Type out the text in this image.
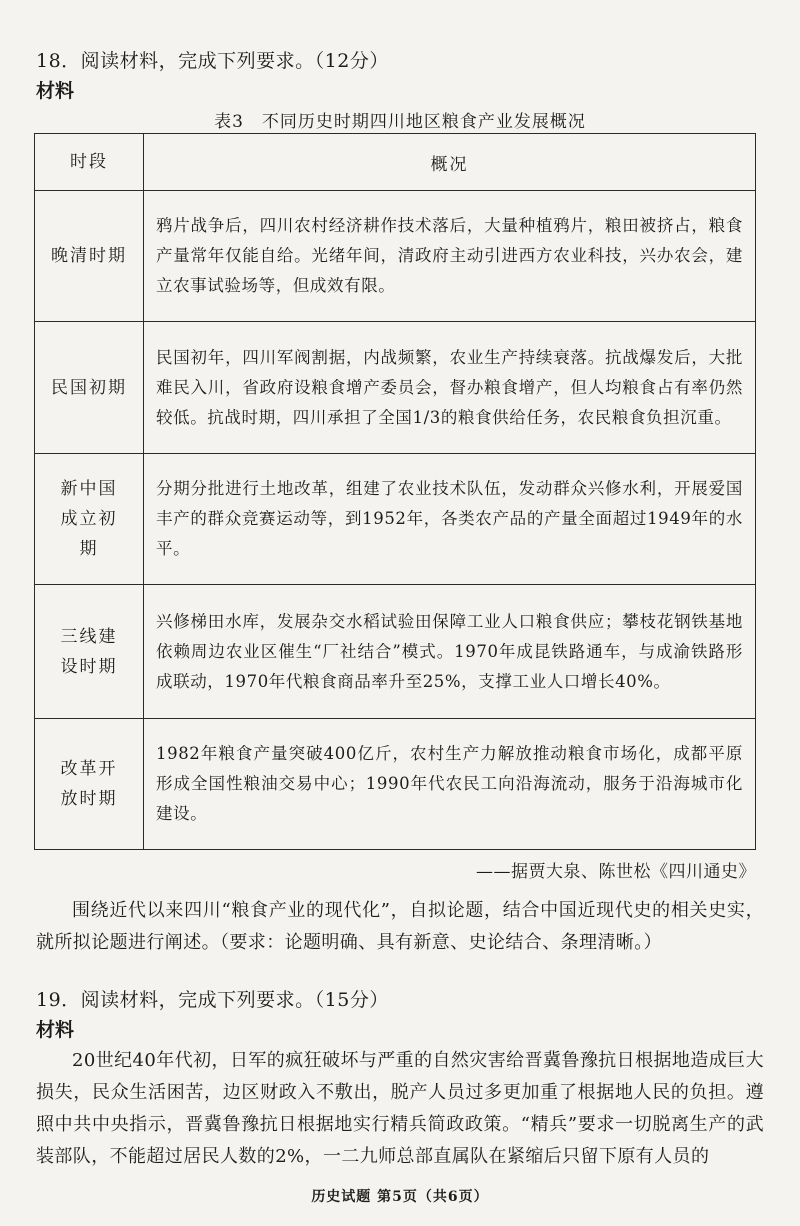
18．阅读材料，完成下列要求。（12分）
材料
表3　不同历史时期四川地区粮食产业发展概况
时段	概况
晚清时期	鸦片战争后，四川农村经济耕作技术落后，大量种植鸦片，粮田被挤占，粮食产量常年仅能自给。光绪年间，清政府主动引进西方农业科技，兴办农会，建立农事试验场等，但成效有限。
民国初期	民国初年，四川军阀割据，内战频繁，农业生产持续衰落。抗战爆发后，大批难民入川，省政府设粮食增产委员会，督办粮食增产，但人均粮食占有率仍然较低。抗战时期，四川承担了全国1/3的粮食供给任务，农民粮食负担沉重。
新中国成立初期	分期分批进行土地改革，组建了农业技术队伍，发动群众兴修水利，开展爱国丰产的群众竞赛运动等，到1952年，各类农产品的产量全面超过1949年的水平。
三线建设时期	兴修梯田水库，发展杂交水稻试验田保障工业人口粮食供应；攀枝花钢铁基地依赖周边农业区催生“厂社结合”模式。1970年成昆铁路通车，与成渝铁路形成联动，1970年代粮食商品率升至25%，支撑工业人口增长40%。
改革开放时期	1982年粮食产量突破400亿斤，农村生产力解放推动粮食市场化，成都平原形成全国性粮油交易中心；1990年代农民工向沿海流动，服务于沿海城市化建设。
——据贾大泉、陈世松《四川通史》
围绕近代以来四川“粮食产业的现代化”，自拟论题，结合中国近现代史的相关史实，就所拟论题进行阐述。（要求：论题明确、具有新意、史论结合、条理清晰。）
19．阅读材料，完成下列要求。（15分）
材料
20世纪40年代初，日军的疯狂破坏与严重的自然灾害给晋冀鲁豫抗日根据地造成巨大损失，民众生活困苦，边区财政入不敷出，脱产人员过多更加重了根据地人民的负担。遵照中共中央指示，晋冀鲁豫抗日根据地实行精兵简政政策。“精兵”要求一切脱离生产的武装部队，不能超过居民人数的2%，一二九师总部直属队在紧缩后只留下原有人员的
历史试题 第5页（共6页）
